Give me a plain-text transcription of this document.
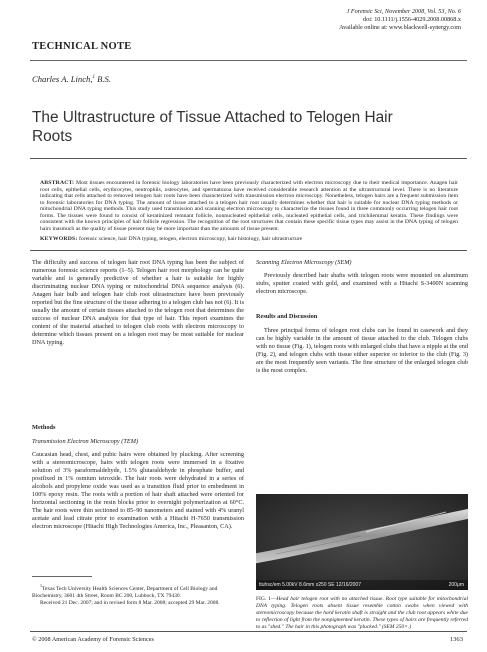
J Forensic Sci, November 2008, Vol. 53, No. 6
doi: 10.1111/j.1556-4029.2008.00868.x
Available online at: www.blackwell-synergy.com
TECHNICAL NOTE
Charles A. Linch,$^1$ B.S.
The Ultrastructure of Tissue Attached to Telogen Hair Roots
ABSTRACT: Most tissues encountered in forensic biology laboratories have been previously characterized with electron microscopy due to their medical importance. Anagen hair root cells, epithelial cells, erythrocytes, neutrophils, osteocytes, and spermatozoa have received considerable research attention at the ultrastructural level. There is no literature indicating that cells attached to removed telogen hair roots have been characterized with transmission electron microscopy. Nonetheless, telogen hairs are a frequent submission item to forensic laboratories for DNA typing. The amount of tissue attached to a telogen hair root usually determines whether that hair is suitable for nuclear DNA typing methods or mitochondrial DNA typing methods. This study used transmission and scanning electron microscopy to characterize the tissues found in three commonly occurring telogen hair root forms. The tissues were found to consist of keratinized remnant follicle, nonnucleated epithelial cells, nucleated epithelial cells, and trichilemmal keratin. These findings were consistent with the known principles of hair follicle regression. The recognition of the root structures that contain these specific tissue types may assist in the DNA typing of telogen hairs inasmuch as the quality of tissue present may be more important than the amounts of tissue present.
KEYWORDS: forensic science, hair DNA typing, telogen, electron microscopy, hair histology, hair ultrastructure
The difficulty and success of telogen hair root DNA typing has been the subject of numerous forensic science reports (1–5). Telogen hair root morphology can be quite variable and is generally predictive of whether a hair is suitable for highly discriminating nuclear DNA typing or mitochondrial DNA sequence analysis (6). Anagen hair bulb and telogen hair club root ultrastructure have been previously reported but the fine structure of the tissue adhering to a telogen club has not (6). It is usually the amount of certain tissues attached to the telogen root that determines the success of nuclear DNA analysis for that type of hair. This report examines the content of the material attached to telogen club roots with electron microscopy to determine which tissues present on a telogen root may be most suitable for nuclear DNA typing.
Methods
Transmission Electron Microscopy (TEM)
Caucasian head, chest, and pubic hairs were obtained by plucking. After screening with a stereomicroscope, hairs with telogen roots were immersed in a fixative solution of 3% paraformaldehyde, 1.5% glutaraldehyde in phosphate buffer, and postfixed in 1% osmium tetroxide. The hair roots were dehydrated in a series of alcohols and propylene oxide was used as a transition fluid prior to embedment in 100% epoxy resin. The roots with a portion of hair shaft attached were oriented for horizontal sectioning in the resin blocks prior to overnight polymerization at 60°C. The hair roots were thin sectioned to 85–90 nanometers and stained with 4% uranyl acetate and lead citrate prior to examination with a Hitachi H-7650 transmission electron microscope (Hitachi High Technologies America, Inc., Pleasanton, CA).
$^1$Texas Tech University Health Sciences Center, Department of Cell Biology and Biochemistry, 3601 4th Street, Room BC 200, Lubbock, TX 79430.
Received 21 Dec. 2007; and in revised form 8 Mar. 2008; accepted 29 Mar. 2008.
Scanning Electron Microscopy (SEM)
Previously described hair shafts with telogen roots were mounted on aluminum stubs, sputter coated with gold, and examined with a Hitachi S-3400N scanning electron microscope.
Results and Discussion
Three principal forms of telogen root clubs can be found in casework and they can be highly variable in the amount of tissue attached to the club. Telogen clubs with no tissue (Fig. 1), telogen roots with enlarged clubs that have a nipple at the end (Fig. 2), and telogen clubs with tissue either superior or inferior to the club (Fig. 3) are the most frequently seen variants. The fine structure of the enlarged telogen club is the most complex.
ttuhsc/em 5.00kV 8.6mm x250 SE 12/16/2007	200μm
FIG. 1—Head hair telogen root with no attached tissue. Root type suitable for mitochondrial DNA typing. Telogen roots absent tissue resemble cotton swabs when viewed with stereomicroscopy because the hard keratin shaft is straight and the club root appears white due to reflection of light from the nonpigmented keratin. These types of hairs are frequently referred to as "shed." The hair in this photograph was "plucked." (SEM 250×.)
© 2008 American Academy of Forensic Sciences	1363
